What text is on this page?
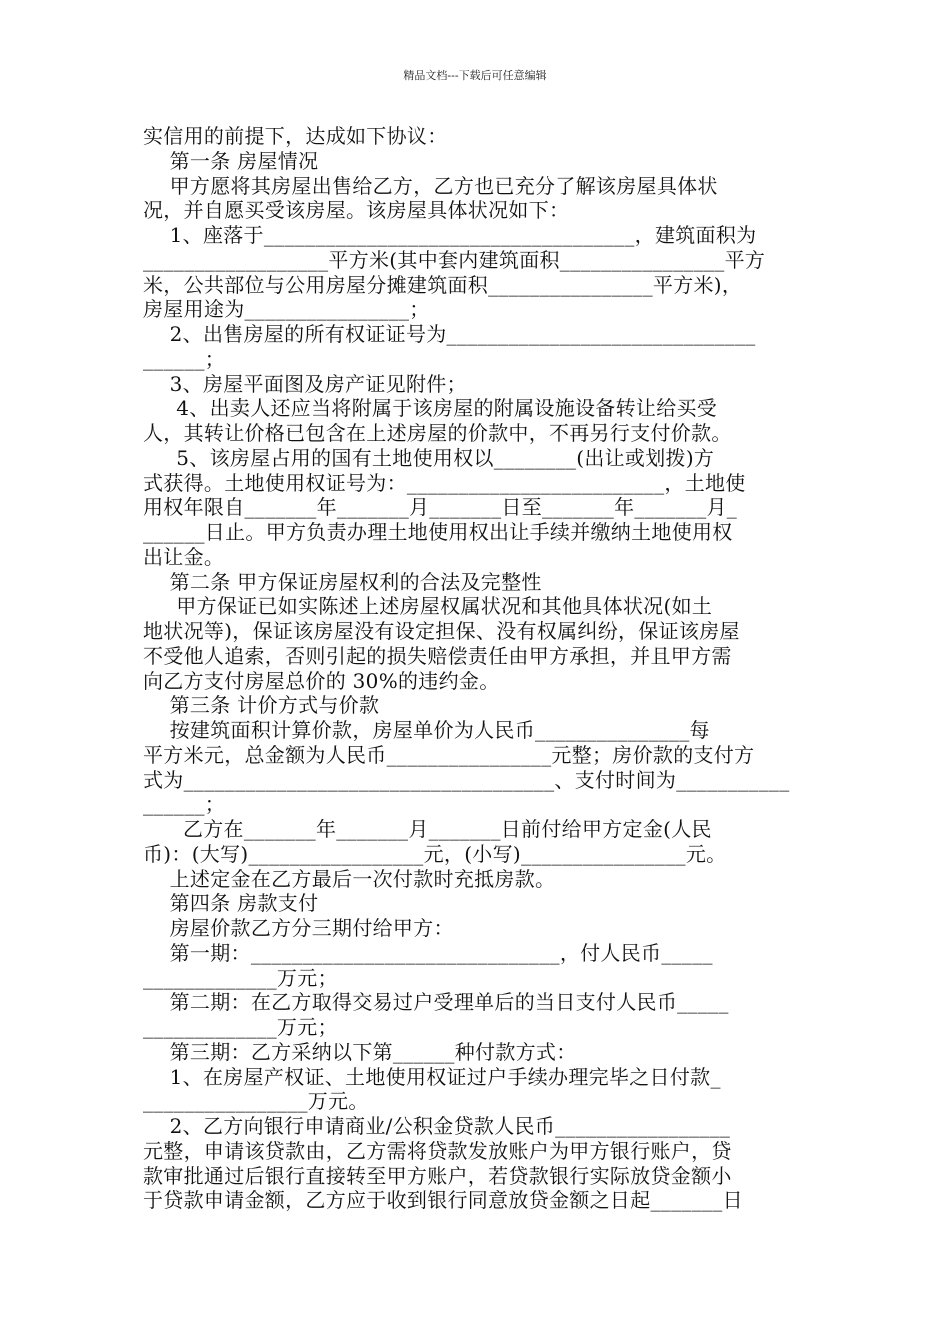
精品文档---下载后可任意编辑
实信用的前提下，达成如下协议：
第一条 房屋情况
甲方愿将其房屋出售给乙方，乙方也已充分了解该房屋具体状
况，并自愿买受该房屋。该房屋具体状况如下：
1、座落于____________________________________，建筑面积为
__________________平方米(其中套内建筑面积________________平方
米，公共部位与公用房屋分摊建筑面积________________平方米)，
房屋用途为________________；
2、出售房屋的所有权证证号为______________________________
______；
3、房屋平面图及房产证见附件；
4、出卖人还应当将附属于该房屋的附属设施设备转让给买受
人，其转让价格已包含在上述房屋的价款中，不再另行支付价款。
5、该房屋占用的国有土地使用权以________(出让或划拨)方
式获得。土地使用权证号为：_________________________，土地使
用权年限自_______年_______月_______日至_______年_______月_
______日止。甲方负责办理土地使用权出让手续并缴纳土地使用权
出让金。
第二条 甲方保证房屋权利的合法及完整性
甲方保证已如实陈述上述房屋权属状况和其他具体状况(如土
地状况等)，保证该房屋没有设定担保、没有权属纠纷，保证该房屋
不受他人追索，否则引起的损失赔偿责任由甲方承担，并且甲方需
向乙方支付房屋总价的 30%的违约金。
第三条 计价方式与价款
按建筑面积计算价款，房屋单价为人民币_______________每
平方米元，总金额为人民币________________元整；房价款的支付方
式为____________________________________、支付时间为___________
______；
乙方在_______年_______月_______日前付给甲方定金(人民
币)：(大写)_________________元，(小写)________________元。
上述定金在乙方最后一次付款时充抵房款。
第四条 房款支付
房屋价款乙方分三期付给甲方：
第一期：______________________________，付人民币_____
_____________万元；
第二期：在乙方取得交易过户受理单后的当日支付人民币_____
_____________万元；
第三期：乙方采纳以下第______种付款方式：
1、在房屋产权证、土地使用权证过户手续办理完毕之日付款_
________________万元。
2、乙方向银行申请商业/公积金贷款人民币_________________
元整，申请该贷款由，乙方需将贷款发放账户为甲方银行账户，贷
款审批通过后银行直接转至甲方账户，若贷款银行实际放贷金额小
于贷款申请金额，乙方应于收到银行同意放贷金额之日起_______日
